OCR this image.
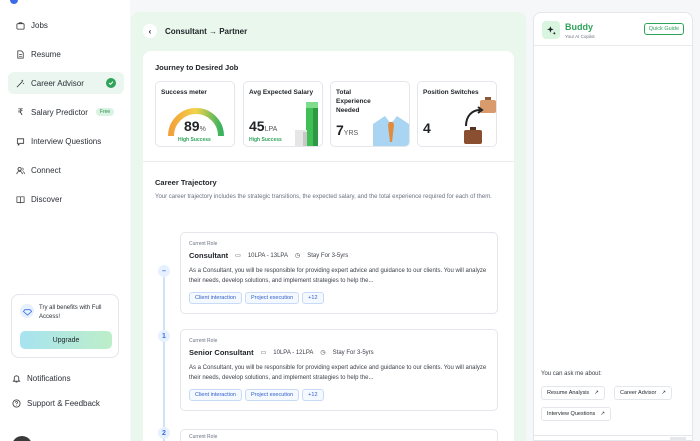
Jobs
Resume
Career Advisor
₹ Salary Predictor	Free
Interview Questions
Connect
Discover
Try all benefits with Full Access!
Upgrade
Notifications
Support & Feedback
‹ Consultant → Partner
Journey to Desired Job
Success meter
89%
High Success
Avg Expected Salary
45LPA
High Success
Total Experience Needed
7YRS
Position Switches
4
Career Trajectory
Your career trajectory includes the strategic transitions, the expected salary, and the total experience required for each of them.
–
1
2
Current Role
Consultant ▭ 10LPA - 13LPA ◷ Stay For 3-5yrs
As a Consultant, you will be responsible for providing expert advice and guidance to our clients. You will analyze their needs, develop solutions, and implement strategies to help the...
Client interaction	Project execution	+12
Current Role
Senior Consultant ▭ 10LPA - 12LPA ◷ Stay For 3-5yrs
As a Consultant, you will be responsible for providing expert advice and guidance to our clients. You will analyze their needs, develop solutions, and implement strategies to help the...
Client interaction	Project execution	+12
Current Role
Buddy
Your AI Copilot
Quick Guide
You can ask me about:
Resume Analysis ↗	Career Advisor ↗
Interview Questions ↗
